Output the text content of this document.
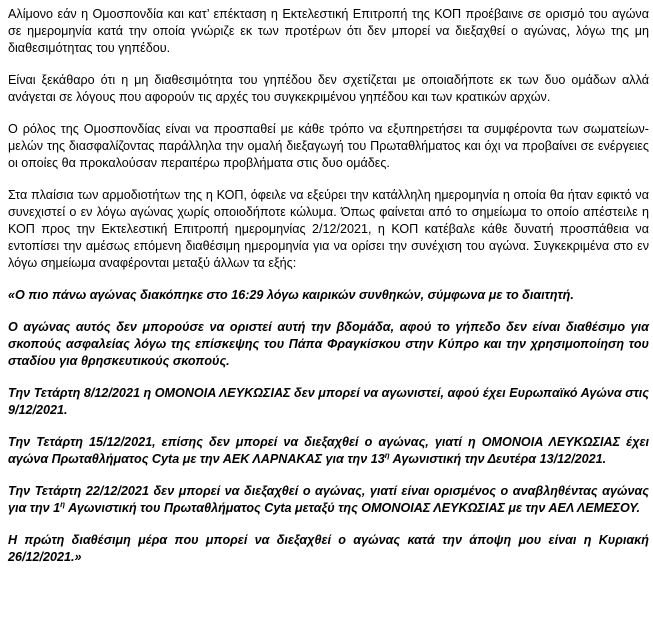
Αλίμονο εάν η Ομοσπονδία και κατ’ επέκταση η Εκτελεστική Επιτροπή της ΚΟΠ προέβαινε σε ορισμό του αγώνα σε ημερομηνία κατά την οποία γνώριζε εκ των προτέρων ότι δεν μπορεί να διεξαχθεί ο αγώνας, λόγω της μη διαθεσιμότητας του γηπέδου.

Είναι ξεκάθαρο ότι η μη διαθεσιμότητα του γηπέδου δεν σχετίζεται με οποιαδήποτε εκ των δυο ομάδων αλλά ανάγεται σε λόγους που αφορούν τις αρχές του συγκεκριμένου γηπέδου και των κρατικών αρχών.

Ο ρόλος της Ομοσπονδίας είναι να προσπαθεί με κάθε τρόπο να εξυπηρετήσει τα συμφέροντα των σωματείων-μελών της διασφαλίζοντας παράλληλα την ομαλή διεξαγωγή του Πρωταθλήματος και όχι να προβαίνει σε ενέργειες οι οποίες θα προκαλούσαν περαιτέρω προβλήματα στις δυο ομάδες.

Στα πλαίσια των αρμοδιοτήτων της η ΚΟΠ, όφειλε να εξεύρει την κατάλληλη ημερομηνία η οποία θα ήταν εφικτό να συνεχιστεί ο εν λόγω αγώνας χωρίς οποιοδήποτε κώλυμα. Όπως φαίνεται από το σημείωμα το οποίο απέστειλε η ΚΟΠ προς την Εκτελεστική Επιτροπή ημερομηνίας 2/12/2021, η ΚΟΠ κατέβαλε κάθε δυνατή προσπάθεια να εντοπίσει την αμέσως επόμενη διαθέσιμη ημερομηνία για να ορίσει την συνέχιση του αγώνα. Συγκεκριμένα στο εν λόγω σημείωμα αναφέρονται μεταξύ άλλων τα εξής:

«Ο πιο πάνω αγώνας διακόπηκε στο 16:29 λόγω καιρικών συνθηκών, σύμφωνα με το διαιτητή.

Ο αγώνας αυτός δεν μπορούσε να οριστεί αυτή την βδομάδα, αφού το γήπεδο δεν είναι διαθέσιμο για σκοπούς ασφαλείας λόγω της επίσκεψης του Πάπα Φραγκίσκου στην Κύπρο και την χρησιμοποίηση του σταδίου για θρησκευτικούς σκοπούς.

Την Τετάρτη 8/12/2021 η ΟΜΟΝΟΙΑ ΛΕΥΚΩΣΙΑΣ δεν μπορεί να αγωνιστεί, αφού έχει Ευρωπαϊκό Αγώνα στις 9/12/2021.

Την Τετάρτη 15/12/2021, επίσης δεν μπορεί να διεξαχθεί ο αγώνας, γιατί η ΟΜΟΝΟΙΑ ΛΕΥΚΩΣΙΑΣ έχει αγώνα Πρωταθλήματος Cyta με την ΑΕΚ ΛΑΡΝΑΚΑΣ για την $13^\eta$ Αγωνιστική την Δευτέρα 13/12/2021.

Την Τετάρτη 22/12/2021 δεν μπορεί να διεξαχθεί ο αγώνας, γιατί είναι ορισμένος ο αναβληθέντας αγώνας για την $1^\eta$ Αγωνιστική του Πρωταθλήματος Cyta μεταξύ της ΟΜΟΝΟΙΑΣ ΛΕΥΚΩΣΙΑΣ με την ΑΕΛ ΛΕΜΕΣΟΥ.

Η πρώτη διαθέσιμη μέρα που μπορεί να διεξαχθεί ο αγώνας κατά την άποψη μου είναι η Κυριακή 26/12/2021.»
